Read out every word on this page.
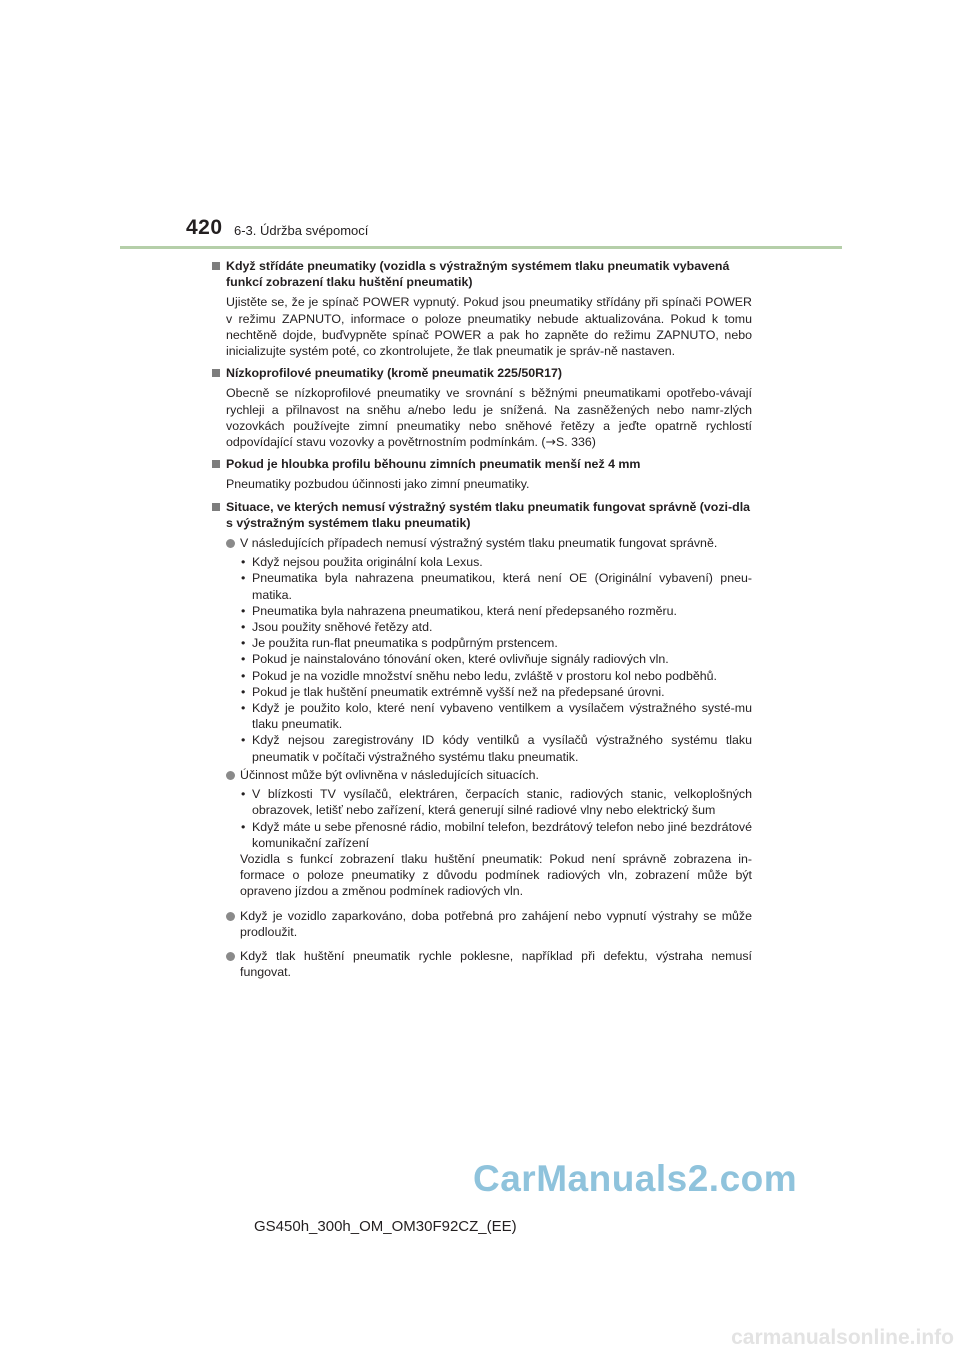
420 6-3. Údržba svépomocí
Když střídáte pneumatiky (vozidla s výstražným systémem tlaku pneumatik vybavená funkcí zobrazení tlaku huštění pneumatik)
Ujistěte se, že je spínač POWER vypnutý. Pokud jsou pneumatiky střídány při spínači POWER v režimu ZAPNUTO, informace o poloze pneumatiky nebude aktualizována. Pokud k tomu nechtěně dojde, buďvypněte spínač POWER a pak ho zapněte do režimu ZAPNUTO, nebo inicializujte systém poté, co zkontrolujete, že tlak pneumatik je správ-ně nastaven.
Nízkoprofilové pneumatiky (kromě pneumatik 225/50R17)
Obecně se nízkoprofilové pneumatiky ve srovnání s běžnými pneumatikami opotřebo-vávají rychleji a přilnavost na sněhu a/nebo ledu je snížená. Na zasněžených nebo namr-zlých vozovkách používejte zimní pneumatiky nebo sněhové řetězy a jeďte opatrně rychlostí odpovídající stavu vozovky a povětrnostním podmínkám. (→S. 336)
Pokud je hloubka profilu běhounu zimních pneumatik menší než 4 mm
Pneumatiky pozbudou účinnosti jako zimní pneumatiky.
Situace, ve kterých nemusí výstražný systém tlaku pneumatik fungovat správně (vozi-dla s výstražným systémem tlaku pneumatik)
V následujících případech nemusí výstražný systém tlaku pneumatik fungovat správně.
• Když nejsou použita originální kola Lexus.
• Pneumatika byla nahrazena pneumatikou, která není OE (Originální vybavení) pneu-matika.
• Pneumatika byla nahrazena pneumatikou, která není předepsaného rozměru.
• Jsou použity sněhové řetězy atd.
• Je použita run-flat pneumatika s podpůrným prstencem.
• Pokud je nainstalováno tónování oken, které ovlivňuje signály radiových vln.
• Pokud je na vozidle množství sněhu nebo ledu, zvláště v prostoru kol nebo podběhů.
• Pokud je tlak huštění pneumatik extrémně vyšší než na předepsané úrovni.
• Když je použito kolo, které není vybaveno ventilkem a vysílačem výstražného systé-mu tlaku pneumatik.
• Když nejsou zaregistrovány ID kódy ventilků a vysílačů výstražného systému tlaku pneumatik v počítači výstražného systému tlaku pneumatik.
Účinnost může být ovlivněna v následujících situacích.
• V blízkosti TV vysílačů, elektráren, čerpacích stanic, radiových stanic, velkoplošných obrazovek, letišť nebo zařízení, která generují silné radiové vlny nebo elektrický šum
• Když máte u sebe přenosné rádio, mobilní telefon, bezdrátový telefon nebo jiné bezdrátové komunikační zařízení
Vozidla s funkcí zobrazení tlaku huštění pneumatik: Pokud není správně zobrazena in-formace o poloze pneumatiky z důvodu podmínek radiových vln, zobrazení může být opraveno jízdou a změnou podmínek radiových vln.
Když je vozidlo zaparkováno, doba potřebná pro zahájení nebo vypnutí výstrahy se může prodloužit.
Když tlak huštění pneumatik rychle poklesne, například při defektu, výstraha nemusí fungovat.
CarManuals2.com
GS450h_300h_OM_OM30F92CZ_(EE)
carmanualsonline.info
